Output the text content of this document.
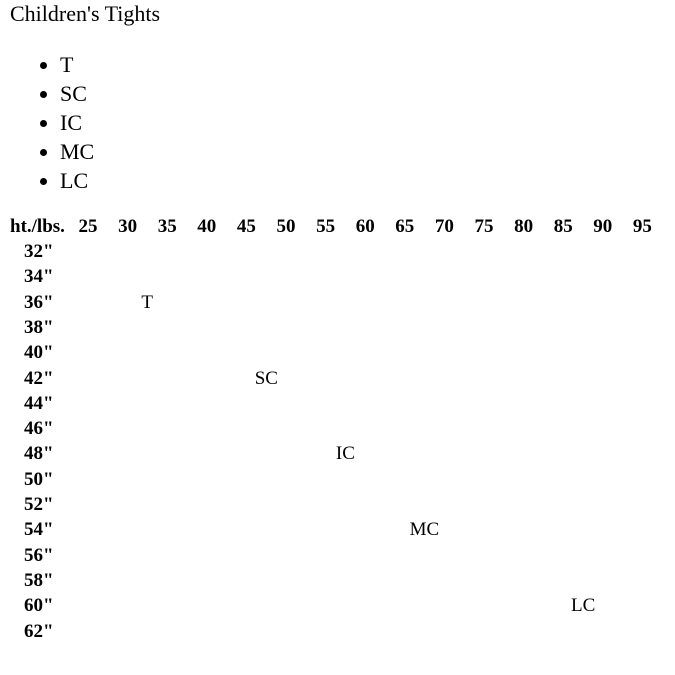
Children's Tights
• T
• SC
• IC
• MC
• LC
ht./lbs. 25 30 35 40 45 50 55 60 65 70 75 80 85 90 95
32"
34"
36"
38"
40"
42"
44"
46"
48"
50"
52"
54"
56"
58"
60"
62"
T
SC
IC
MC
LC
